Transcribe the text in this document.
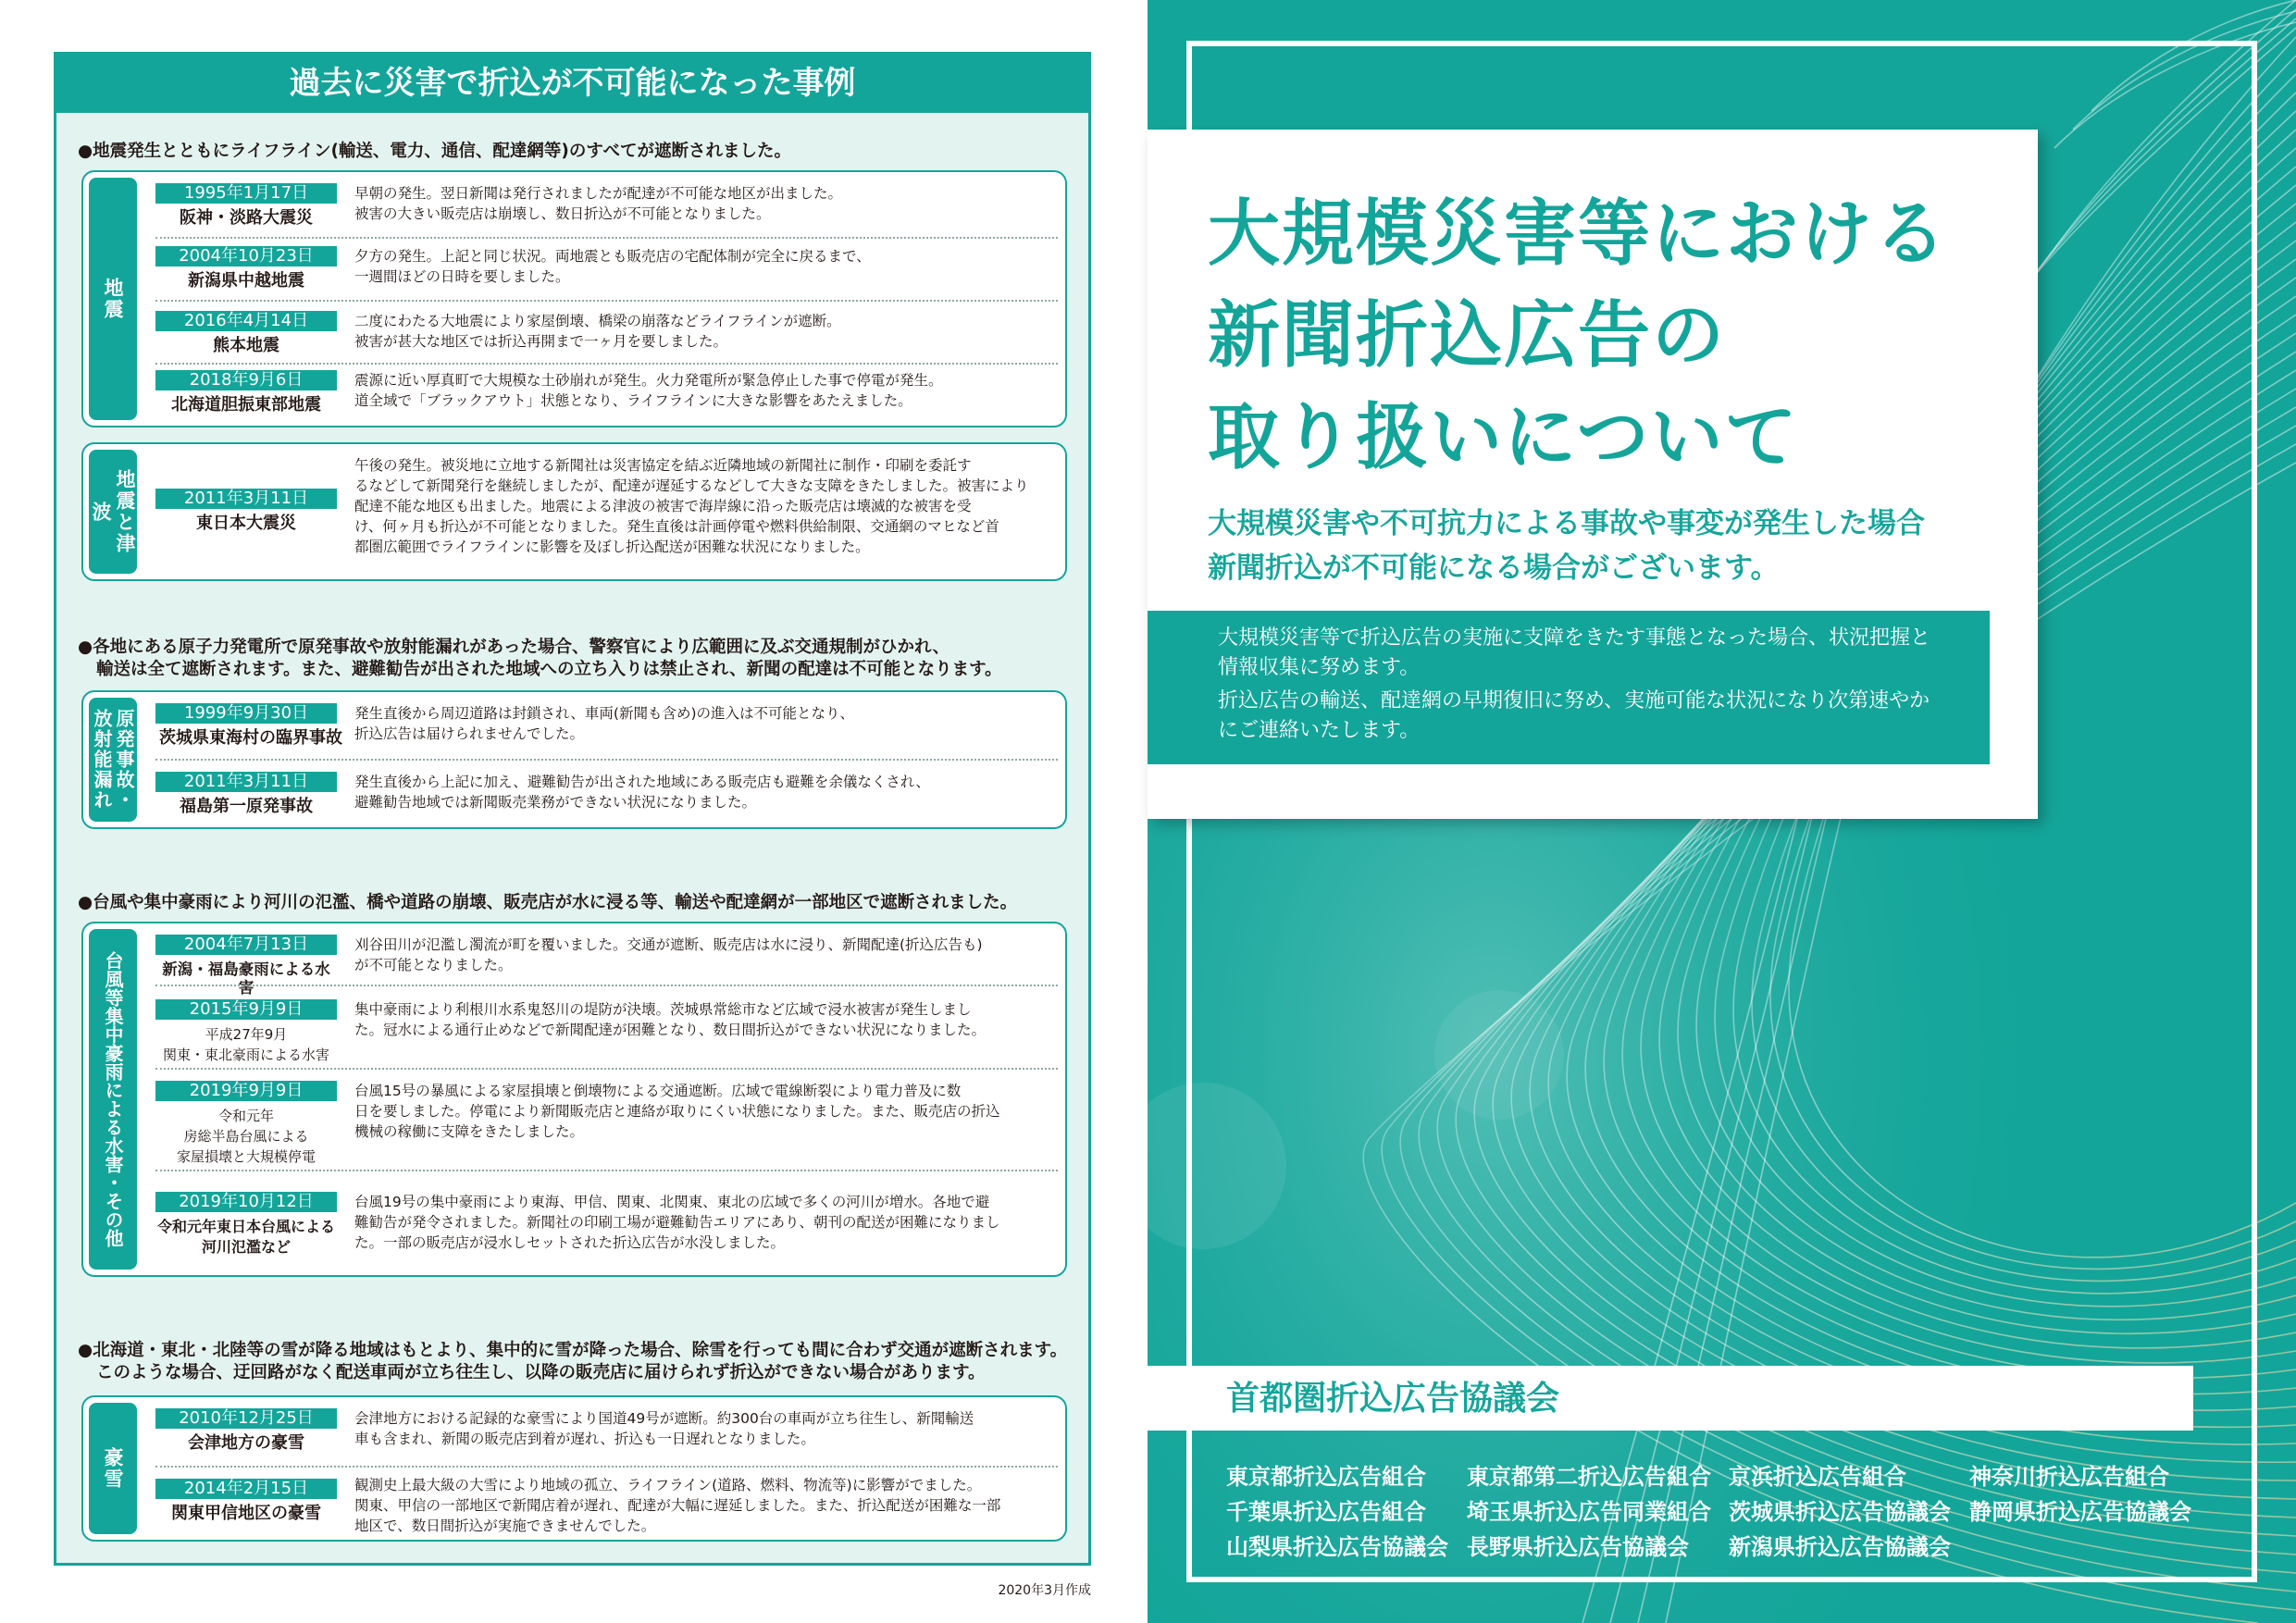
過去に災害で折込が不可能になった事例
●地震発生とともにライフライン(輸送、電力、通信、配達網等)のすべてが遮断されました。
地震
1995年1月17日
阪神・淡路大震災
早朝の発生。翌日新聞は発行されましたが配達が不可能な地区が出ました。
被害の大きい販売店は崩壊し、数日折込が不可能となりました。
2004年10月23日
新潟県中越地震
夕方の発生。上記と同じ状況。両地震とも販売店の宅配体制が完全に戻るまで、
一週間ほどの日時を要しました。
2016年4月14日
熊本地震
二度にわたる大地震により家屋倒壊、橋梁の崩落などライフラインが遮断。
被害が甚大な地区では折込再開まで一ヶ月を要しました。
2018年9月6日
北海道胆振東部地震
震源に近い厚真町で大規模な土砂崩れが発生。火力発電所が緊急停止した事で停電が発生。
道全域で「ブラックアウト」状態となり、ライフラインに大きな影響をあたえました。
地震と津波
2011年3月11日
東日本大震災
午後の発生。被災地に立地する新聞社は災害協定を結ぶ近隣地域の新聞社に制作・印刷を委託す
るなどして新聞発行を継続しましたが、配達が遅延するなどして大きな支障をきたしました。被害により
配達不能な地区も出ました。地震による津波の被害で海岸線に沿った販売店は壊滅的な被害を受
け、何ヶ月も折込が不可能となりました。発生直後は計画停電や燃料供給制限、交通網のマヒなど首
都圏広範囲でライフラインに影響を及ぼし折込配送が困難な状況になりました。
●各地にある原子力発電所で原発事故や放射能漏れがあった場合、警察官により広範囲に及ぶ交通規制がひかれ、
輸送は全て遮断されます。また、避難勧告が出された地域への立ち入りは禁止され、新聞の配達は不可能となります。
原発事故・放射能漏れ	1999年9月30日
茨城県東海村の臨界事故
発生直後から周辺道路は封鎖され、車両(新聞も含め)の進入は不可能となり、
折込広告は届けられませんでした。
2011年3月11日
福島第一原発事故
発生直後から上記に加え、避難勧告が出された地域にある販売店も避難を余儀なくされ、
避難勧告地域では新聞販売業務ができない状況になりました。
●台風や集中豪雨により河川の氾濫、橋や道路の崩壊、販売店が水に浸る等、輸送や配達網が一部地区で遮断されました。
台風等集中豪雨による水害・その他
2004年7月13日
新潟・福島豪雨による水害
刈谷田川が氾濫し濁流が町を覆いました。交通が遮断、販売店は水に浸り、新聞配達(折込広告も)
が不可能となりました。
2015年9月9日
平成27年9月
関東・東北豪雨による水害
集中豪雨により利根川水系鬼怒川の堤防が決壊。茨城県常総市など広域で浸水被害が発生しまし
た。冠水による通行止めなどで新聞配達が困難となり、数日間折込ができない状況になりました。
2019年9月9日
令和元年
房総半島台風による
家屋損壊と大規模停電
台風15号の暴風による家屋損壊と倒壊物による交通遮断。広域で電線断裂により電力普及に数
日を要しました。停電により新聞販売店と連絡が取りにくい状態になりました。また、販売店の折込
機械の稼働に支障をきたしました。
2019年10月12日
令和元年東日本台風による
河川氾濫など
台風19号の集中豪雨により東海、甲信、関東、北関東、東北の広域で多くの河川が増水。各地で避
難勧告が発令されました。新聞社の印刷工場が避難勧告エリアにあり、朝刊の配送が困難になりまし
た。一部の販売店が浸水しセットされた折込広告が水没しました。
●北海道・東北・北陸等の雪が降る地域はもとより、集中的に雪が降った場合、除雪を行っても間に合わず交通が遮断されます。
このような場合、迂回路がなく配送車両が立ち往生し、以降の販売店に届けられず折込ができない場合があります。
豪雪
2010年12月25日
会津地方の豪雪
会津地方における記録的な豪雪により国道49号が遮断。約300台の車両が立ち往生し、新聞輸送
車も含まれ、新聞の販売店到着が遅れ、折込も一日遅れとなりました。
2014年2月15日
関東甲信地区の豪雪
観測史上最大級の大雪により地域の孤立、ライフライン(道路、燃料、物流等)に影響がでました。
関東、甲信の一部地区で新聞店着が遅れ、配達が大幅に遅延しました。また、折込配送が困難な一部
地区で、数日間折込が実施できませんでした。
2020年3月作成
大規模災害等における
新聞折込広告の
取り扱いについて
大規模災害や不可抗力による事故や事変が発生した場合
新聞折込が不可能になる場合がございます。
大規模災害等で折込広告の実施に支障をきたす事態となった場合、状況把握と
情報収集に努めます。
折込広告の輸送、配達網の早期復旧に努め、実施可能な状況になり次第速やか
にご連絡いたします。
首都圏折込広告協議会
東京都折込広告組合 東京都第二折込広告組合 京浜折込広告組合	神奈川折込広告組合
千葉県折込広告組合 埼玉県折込広告同業組合 茨城県折込広告協議会 静岡県折込広告協議会
山梨県折込広告協議会 長野県折込広告協議会 新潟県折込広告協議会
